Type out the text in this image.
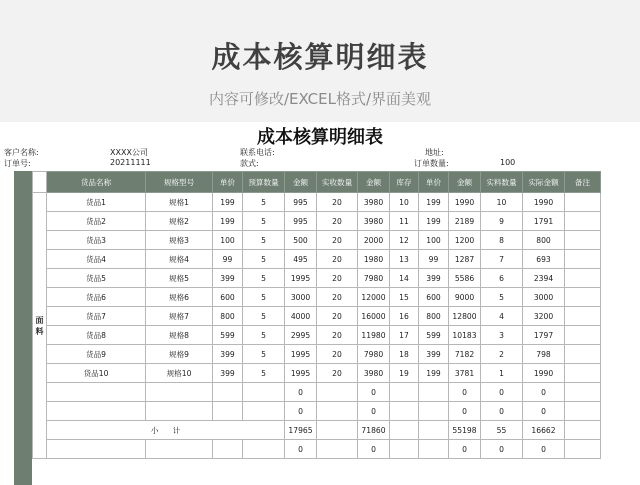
成本核算明细表
内容可修改/EXCEL格式/界面美观
成本核算明细表
客户名称:	XXXX公司	联系电话:	地址:
订单号:	20211111	款式:	订单数量:	100
	货品名称	规格型号	单价	预算数量	金额	实收数量	金额	库存	单价	金额	实料数量	实际金额	备注
面料	货品1	规格1	199	5	995	20	3980	10	199	1990	10	1990	
	货品2	规格2	199	5	995	20	3980	11	199	2189	9	1791	
	货品3	规格3	100	5	500	20	2000	12	100	1200	8	800	
	货品4	规格4	99	5	495	20	1980	13	99	1287	7	693	
	货品5	规格5	399	5	1995	20	7980	14	399	5586	6	2394	
	货品6	规格6	600	5	3000	20	12000	15	600	9000	5	3000	
	货品7	规格7	800	5	4000	20	16000	16	800	12800	4	3200	
	货品8	规格8	599	5	2995	20	11980	17	599	10183	3	1797	
	货品9	规格9	399	5	1995	20	7980	18	399	7182	2	798	
	货品10	规格10	399	5	1995	20	3980	19	199	3781	1	1990	
					0		0			0	0	0	
					0		0			0	0	0	
	小计				17965		71860			55198	55	16662	
					0		0			0	0	0	
